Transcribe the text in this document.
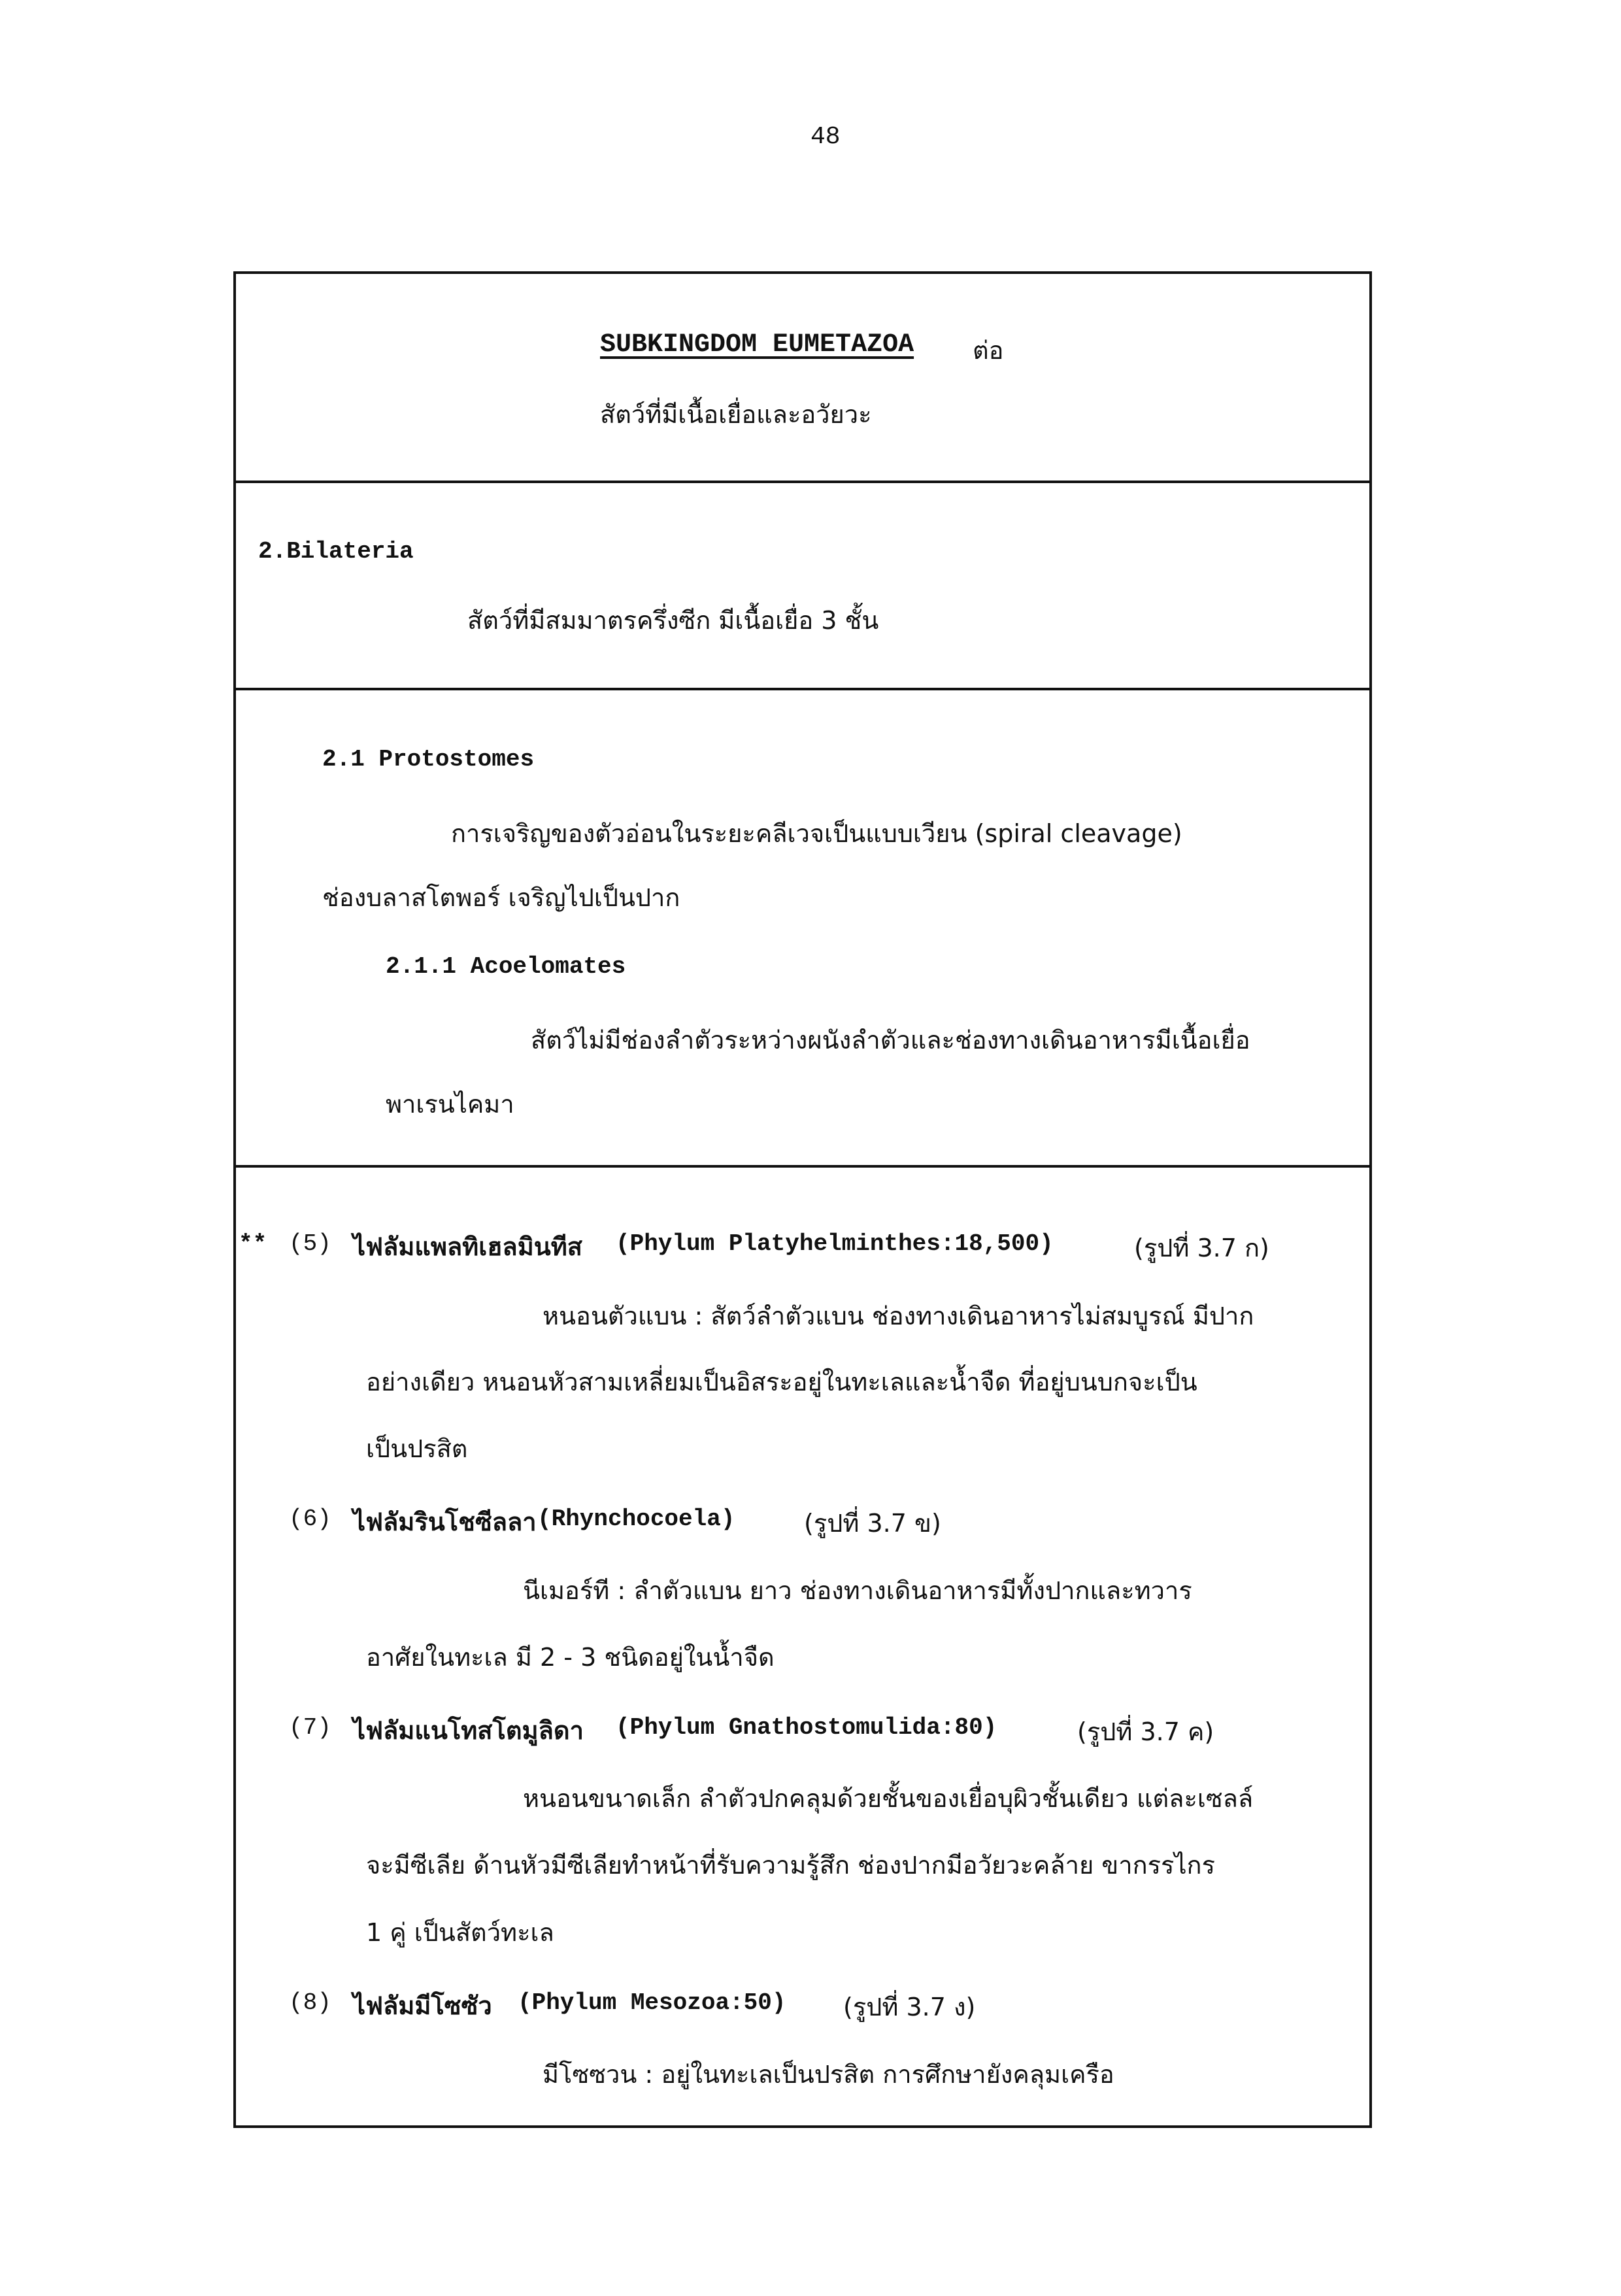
48
SUBKINGDOM EUMETAZOA ต่อ
สัตว์ที่มีเนื้อเยื่อและอวัยวะ
2.Bilateria
สัตว์ที่มีสมมาตรครึ่งซีก มีเนื้อเยื่อ 3 ชั้น
2.1 Protostomes
การเจริญของตัวอ่อนในระยะคลีเวจเป็นแบบเวียน (spiral cleavage)
ช่องบลาสโตพอร์ เจริญไปเป็นปาก
2.1.1 Acoelomates
สัตว์ไม่มีช่องลำตัวระหว่างผนังลำตัวและช่องทางเดินอาหารมีเนื้อเยื่อ
พาเรนไคมา
** (5) ไฟลัมแพลทิเฮลมินทีส (Phylum Platyhelminthes:18,500)	(รูปที่ 3.7 ก)
หนอนตัวแบน : สัตว์ลำตัวแบน ช่องทางเดินอาหารไม่สมบูรณ์ มีปาก
อย่างเดียว หนอนหัวสามเหลี่ยมเป็นอิสระอยู่ในทะเลและน้ำจืด ที่อยู่บนบกจะเป็น
เป็นปรสิต
(6) ไฟลัมรินโชซีลลา (Rhynchocoela)	(รูปที่ 3.7 ข)
นีเมอร์ที : ลำตัวแบน ยาว ช่องทางเดินอาหารมีทั้งปากและทวาร
อาศัยในทะเล มี 2 - 3 ชนิดอยู่ในน้ำจืด
(7) ไฟลัมแนโทสโตมูลิดา (Phylum Gnathostomulida:80)	(รูปที่ 3.7 ค)
หนอนขนาดเล็ก ลำตัวปกคลุมด้วยชั้นของเยื่อบุผิวชั้นเดียว แต่ละเซลล์
จะมีซีเลีย ด้านหัวมีซีเลียทำหน้าที่รับความรู้สึก ช่องปากมีอวัยวะคล้าย ขากรรไกร
1 คู่ เป็นสัตว์ทะเล
(8) ไฟลัมมีโซซัว (Phylum Mesozoa:50) (รูปที่ 3.7 ง)
มีโซซวน : อยู่ในทะเลเป็นปรสิต การศึกษายังคลุมเครือ
